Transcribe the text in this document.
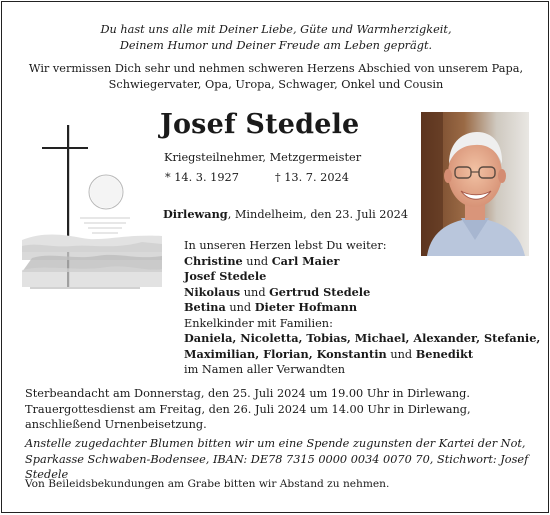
Du hast uns alle mit Deiner Liebe, Güte und Warmherzigkeit,
Deinem Humor und Deiner Freude am Leben geprägt.
Wir vermissen Dich sehr und nehmen schweren Herzens Abschied von unserem Papa,
Schwiegervater, Opa, Uropa, Schwager, Onkel und Cousin
Josef Stedele
Kriegsteilnehmer, Metzgermeister
* 14. 3. 1927	† 13. 7. 2024
Dirlewang, Mindelheim, den 23. Juli 2024
In unseren Herzen lebst Du weiter:
Christine und Carl Maier
Josef Stedele
Nikolaus und Gertrud Stedele
Betina und Dieter Hofmann
Enkelkinder mit Familien:
Daniela, Nicoletta, Tobias, Michael, Alexander, Stefanie,
Maximilian, Florian, Konstantin und Benedikt
im Namen aller Verwandten
Sterbeandacht am Donnerstag, den 25. Juli 2024 um 19.00 Uhr in Dirlewang.
Trauergottesdienst am Freitag, den 26. Juli 2024 um 14.00 Uhr in Dirlewang,
anschließend Urnenbeisetzung.
Anstelle zugedachter Blumen bitten wir um eine Spende zugunsten der Kartei der Not,
Sparkasse Schwaben-Bodensee, IBAN: DE78 7315 0000 0034 0070 70, Stichwort: Josef Stedele
Von Beileidsbekundungen am Grabe bitten wir Abstand zu nehmen.
